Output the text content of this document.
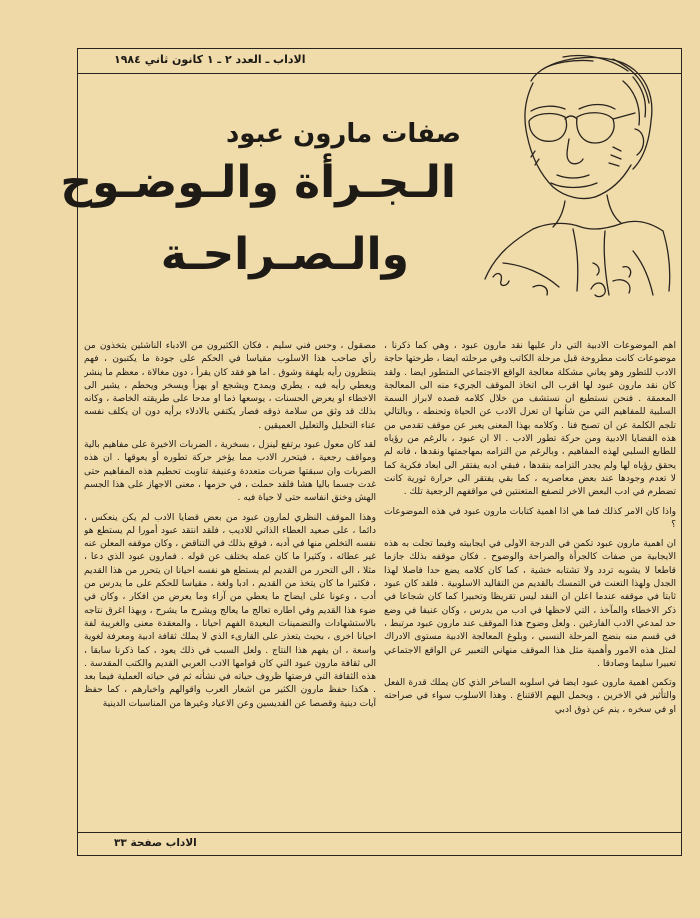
الاداب ـ العدد ٢ ـ ١ كانون ثاني ١٩٨٤
صفات مارون عبود
الـجـرأة والـوضـوح
والـصـراحـة

اهم الموضوعات الادبية التي دار عليها نقد مارون عبود ، وهي كما ذكرنا ، موضوعات كانت مطروحة قبل مرحلة الكاتب وفي مرحلته ايضا ، طرحتها حاجة الادب للتطور وهو يعاني مشكلة معالجة الواقع الاجتماعي المتطور ايضا . ولقد كان نقد مارون عبود لها اقرب الى اتخاذ الموقف الجريء منه الى المعالجة المعمقة . فنحن نستطيع ان نستشف من خلال كلامه قصده لابراز السمة السلبية للمفاهيم التي من شأنها ان تعزل الادب عن الحياة وتحنطه ، وبالتالي تلجم الكلمة عن ان تصبح فنا . وكلامه بهذا المعنى يعبر عن موقف تقدمي من هذه القضايا الادبية ومن حركة تطور الادب . الا ان عبود ، بالرغم من رؤياه للطابع السلبي لهذه المفاهيم ، وبالرغم من التزامه بمهاجمتها ونقدها ، فانه لم يحقق رؤياه لها ولم يجدر التزامه بنقدها ، فبقي ادبه يفتقر الى ابعاد فكرية كما لا تعدم وجودها عند بعض معاصريه ، كما بقي يفتقر الى حرارة ثورية كانت تضطرم في ادب البعض الاخر لتصفع المتعنتين في مواقفهم الرجعية تلك .

واذا كان الامر كذلك فما هي اذا اهمية كتابات مارون عبود في هذه الموضوعات ؟

ان اهمية مارون عبود تكمن في الدرجة الاولى في ايجابيته وفيما تجلت به هذه الايجابية من صفات كالجرأة والصراحة والوضوح . فكان موقفه بذلك جازما قاطعا لا يشوبه تردد ولا تشتابه خشية ، كما كان كلامه يضع حدا فاصلا لهذا الجدل ولهذا التعنت في التمسك بالقديم من التقاليد الاسلوبية . فلقد كان عبود ثابتا في موقفه عندما اعلن ان النقد ليس تقريظا وتحبيرا كما كان شجاعا في ذكر الاخطاء والمآخذ ، التي لاحظها في ادب من يدرس ، وكان عنيفا في وضع حد لمدعي الادب الفارغين . ولعل وضوح هذا الموقف عند مارون عبود مرتبط ، في قسم منه بنضج المرحلة النسبي ، وبلوغ المعالجة الادبية مستوى الادراك لمثل هذه الامور وأهمية مثل هذا الموقف منهاني التعبير عن الواقع الاجتماعي تعبيرا سليما وصادقا .

وتكمن اهمية مارون عبود ايضا في اسلوبه الساخر الذي كان يملك قدرة الفعل والتأثير في الاخرين ، ويحمل اليهم الاقتناع . وهذا الاسلوب سواء في صراحته او في سخره ، ينم عن ذوق ادبي

مصقول ، وحس فني سليم ، فكان الكثيرون من الادباء الناشئين يتخذون من رأي صاحب هذا الاسلوب مقياسا في الحكم على جودة ما يكتبون ، فهم ينتظرون رأيه بلهفة وشوق . اما هو فقد كان يقرأ ، دون مغالاة ، معظم ما ينشر ويعطي رأيه فيه ، يطري ويمدح ويشجع او يهزأ ويسخر ويحطم ، يشير الى الاخطاء او يعرض الحسنات ، يوسعها ذما او مدحا على طريقته الخاصة ، وكانه بذلك قد وثق من سلامة ذوقه فصار يكتفي بالادلاء برأيه دون ان يكلف نفسه عناء التحليل والتعليل العميقين .

لقد كان معول عبود يرتفع لينزل ، بسخرية ، الضربات الاخيرة على مفاهيم بالية ومواقف رجعية ، فيتحرر الادب مما يؤخر حركة تطوره أو يعوقها . ان هذه الضربات وان سبقتها ضربات متعددة وعنيفة تناوبت تحطيم هذه المفاهيم حتى غدت جسما باليا هشا فلقد حملت ، في حزمها ، معنى الاجهاز على هذا الجسم الهش وخنق انفاسه حتى لا حياة فيه .

وهذا الموقف النظري لمارون عبود من بعض قضايا الادب لم يكن ينعكس ، دائما ، على صعيد العطاء الذاتي للاديب ، فلقد انتقد عبود أمورا لم يستطع هو نفسه التخلص منها في أدبه ، فوقع بذلك في التناقض ، وكان موقفه المعلن عنه غير عطائه ، وكثيرا ما كان عمله يختلف عن قوله . فمارون عبود الذي دعا ، مثلا ، الى التحرر من القديم لم يستطع هو نفسه احيانا ان يتحرر من هذا القديم ، فكثيرا ما كان يتخذ من القديم ، ادبا ولغة ، مقياسا للحكم على ما يدرس من أدب ، وعونا على ايضاح ما يعطي من آراء وما يعرض من افكار ، وكان في ضوء هذا القديم وفي اطاره تعالج ما يعالج ويشرح ما يشرح ، وبهذا اغرق نتاجه بالاستشهادات والتضمينات البعيدة الفهم احيانا ، والمعقدة معنى والغريبة لفة احيانا اخرى ، بحيث يتعذر على القارىء الذي لا يملك ثقافة ادبية ومعرفة لغوية واسعة ، ان يفهم هذا النتاج . ولعل السبب في ذلك يعود ، كما ذكرنا سابقا ، الى ثقافة مارون عبود التي كان قوامها الادب العربي القديم والكتب المقدسة . هذه الثقافة التي فرضتها ظروف حياته في نشأته ثم في حياته العملية فيما بعد . هكذا حفظ مارون الكثير من اشعار العرب واقوالهم واخبارهم ، كما حفظ آيات دينية وقصصا عن القديسين وعن الاعياد وغيرها من المناسبات الدينية

الاداب صفحة ٣٣
